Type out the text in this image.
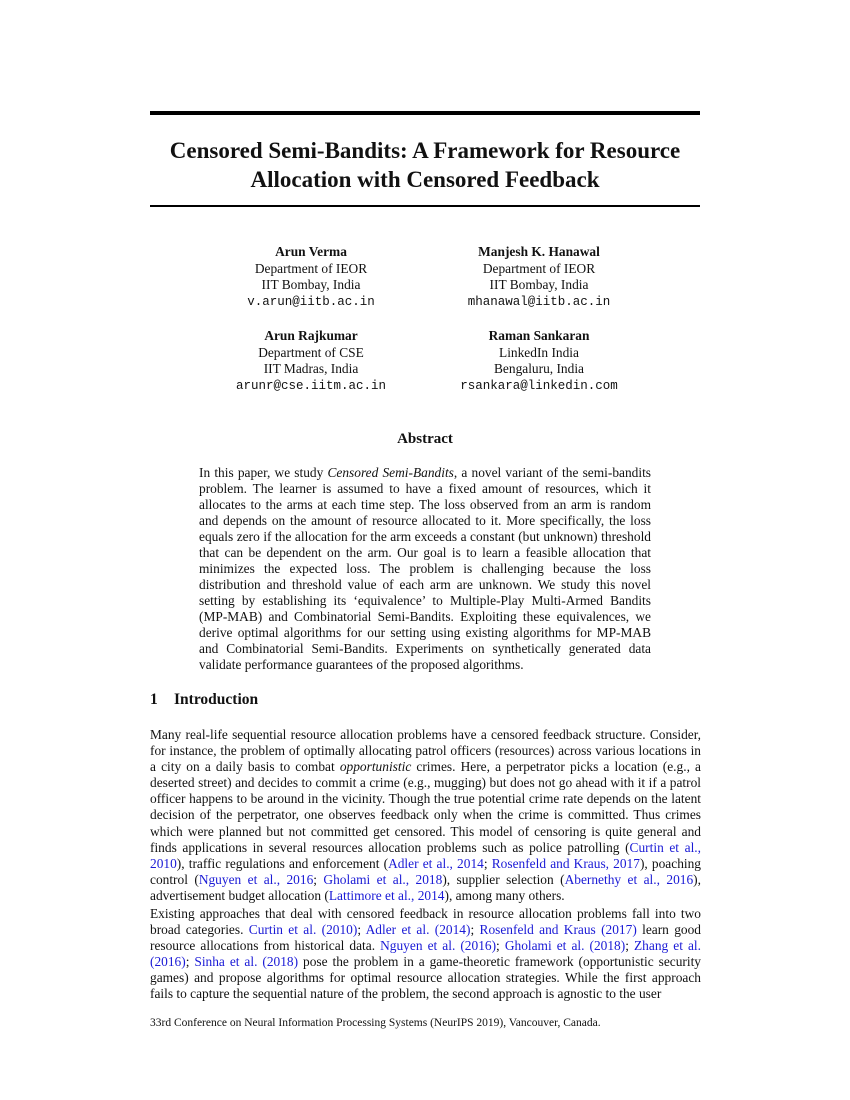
Censored Semi-Bandits: A Framework for Resource
Allocation with Censored Feedback
Arun Verma
Department of IEOR
IIT Bombay, India
v.arun@iitb.ac.in
Manjesh K. Hanawal
Department of IEOR
IIT Bombay, India
mhanawal@iitb.ac.in
Arun Rajkumar
Department of CSE
IIT Madras, India
arunr@cse.iitm.ac.in
Raman Sankaran
LinkedIn India
Bengaluru, India
rsankara@linkedin.com
Abstract
In this paper, we study Censored Semi-Bandits, a novel variant of the semi-bandits problem. The learner is assumed to have a fixed amount of resources, which it allocates to the arms at each time step. The loss observed from an arm is random and depends on the amount of resource allocated to it. More specifically, the loss equals zero if the allocation for the arm exceeds a constant (but unknown) threshold that can be dependent on the arm. Our goal is to learn a feasible allocation that minimizes the expected loss. The problem is challenging because the loss distribution and threshold value of each arm are unknown. We study this novel setting by establishing its ‘equivalence’ to Multiple-Play Multi-Armed Bandits (MP-MAB) and Combinatorial Semi-Bandits. Exploiting these equivalences, we derive optimal algorithms for our setting using existing algorithms for MP-MAB and Combinatorial Semi-Bandits. Experiments on synthetically generated data validate performance guarantees of the proposed algorithms.
1 Introduction
Many real-life sequential resource allocation problems have a censored feedback structure. Consider, for instance, the problem of optimally allocating patrol officers (resources) across various locations in a city on a daily basis to combat opportunistic crimes. Here, a perpetrator picks a location (e.g., a deserted street) and decides to commit a crime (e.g., mugging) but does not go ahead with it if a patrol officer happens to be around in the vicinity. Though the true potential crime rate depends on the latent decision of the perpetrator, one observes feedback only when the crime is committed. Thus crimes which were planned but not committed get censored. This model of censoring is quite general and finds applications in several resources allocation problems such as police patrolling (Curtin et al., 2010), traffic regulations and enforcement (Adler et al., 2014; Rosenfeld and Kraus, 2017), poaching control (Nguyen et al., 2016; Gholami et al., 2018), supplier selection (Abernethy et al., 2016), advertisement budget allocation (Lattimore et al., 2014), among many others.
Existing approaches that deal with censored feedback in resource allocation problems fall into two broad categories. Curtin et al. (2010); Adler et al. (2014); Rosenfeld and Kraus (2017) learn good resource allocations from historical data. Nguyen et al. (2016); Gholami et al. (2018); Zhang et al. (2016); Sinha et al. (2018) pose the problem in a game-theoretic framework (opportunistic security games) and propose algorithms for optimal resource allocation strategies. While the first approach fails to capture the sequential nature of the problem, the second approach is agnostic to the user
33rd Conference on Neural Information Processing Systems (NeurIPS 2019), Vancouver, Canada.
